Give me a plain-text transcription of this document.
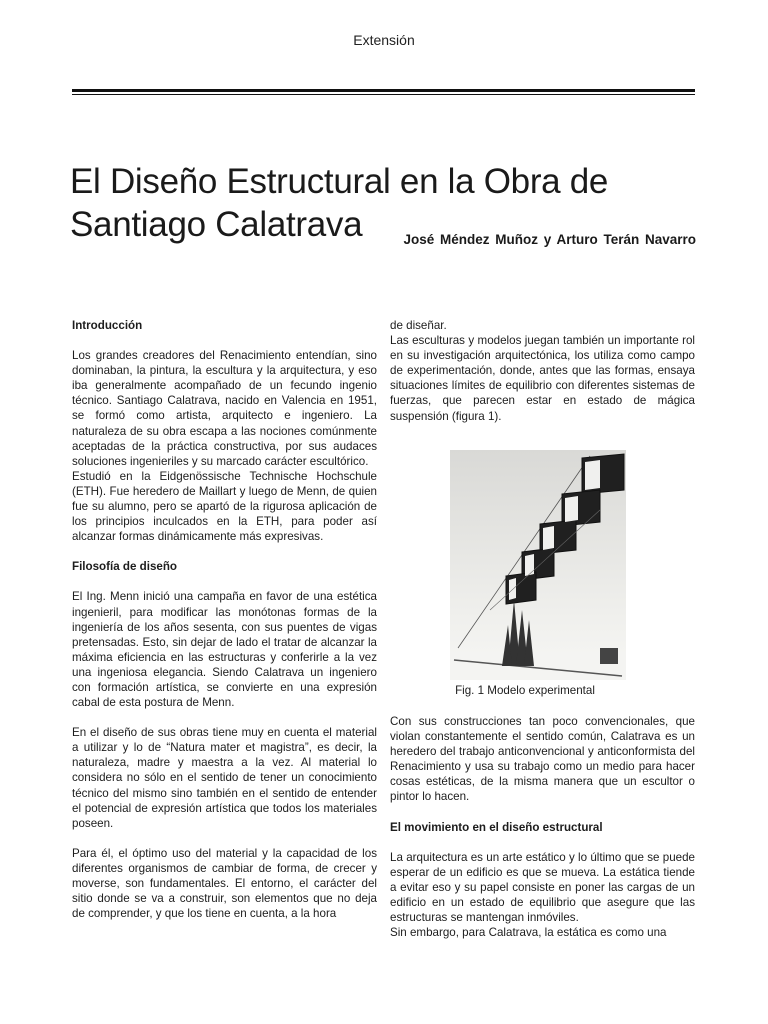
Extensión
El Diseño Estructural en la Obra de Santiago Calatrava	José Méndez Muñoz y Arturo Terán Navarro
Introducción

Los grandes creadores del Renacimiento entendían, sino dominaban, la pintura, la escultura y la arquitectura, y eso iba generalmente acompañado de un fecundo ingenio técnico. Santiago Calatrava, nacido en Valencia en 1951, se formó como artista, arquitecto e ingeniero. La naturaleza de su obra escapa a las nociones comúnmente aceptadas de la práctica constructiva, por sus audaces soluciones ingenieriles y su marcado carácter escultórico.

Estudió en la Eidgenössische Technische Hochschule (ETH). Fue heredero de Maillart y luego de Menn, de quien fue su alumno, pero se apartó de la rigurosa aplicación de los principios inculcados en la ETH, para poder así alcanzar formas dinámicamente más expresivas.

Filosofía de diseño

El Ing. Menn inició una campaña en favor de una estética ingenieril, para modificar las monótonas formas de la ingeniería de los años sesenta, con sus puentes de vigas pretensadas. Esto, sin dejar de lado el tratar de alcanzar la máxima eficiencia en las estructuras y conferirle a la vez una ingeniosa elegancia. Siendo Calatrava un ingeniero con formación artística, se convierte en una expresión cabal de esta postura de Menn.

En el diseño de sus obras tiene muy en cuenta el material a utilizar y lo de “Natura mater et magistra”, es decir, la naturaleza, madre y maestra a la vez. Al material lo considera no sólo en el sentido de tener un conocimiento técnico del mismo sino también en el sentido de entender el potencial de expresión artística que todos los materiales poseen.

Para él, el óptimo uso del material y la capacidad de los diferentes organismos de cambiar de forma, de crecer y moverse, son fundamentales. El entorno, el carácter del sitio donde se va a construir, son elementos que no deja de comprender, y que los tiene en cuenta, a la hora

de diseñar.

Las esculturas y modelos juegan también un importante rol en su investigación arquitectónica, los utiliza como campo de experimentación, donde, antes que las formas, ensaya situaciones límites de equilibrio con diferentes sistemas de fuerzas, que parecen estar en estado de mágica suspensión (figura 1).

Fig. 1 Modelo experimental

Con sus construcciones tan poco convencionales, que violan constantemente el sentido común, Calatrava es un heredero del trabajo anticonvencional y anticonformista del Renacimiento y usa su trabajo como un medio para hacer cosas estéticas, de la misma manera que un escultor o pintor lo hacen.

El movimiento en el diseño estructural

La arquitectura es un arte estático y lo último que se puede esperar de un edificio es que se mueva. La estática tiende a evitar eso y su papel consiste en poner las cargas de un edificio en un estado de equilibrio que asegure que las estructuras se mantengan inmóviles.

Sin embargo, para Calatrava, la estática es como una
